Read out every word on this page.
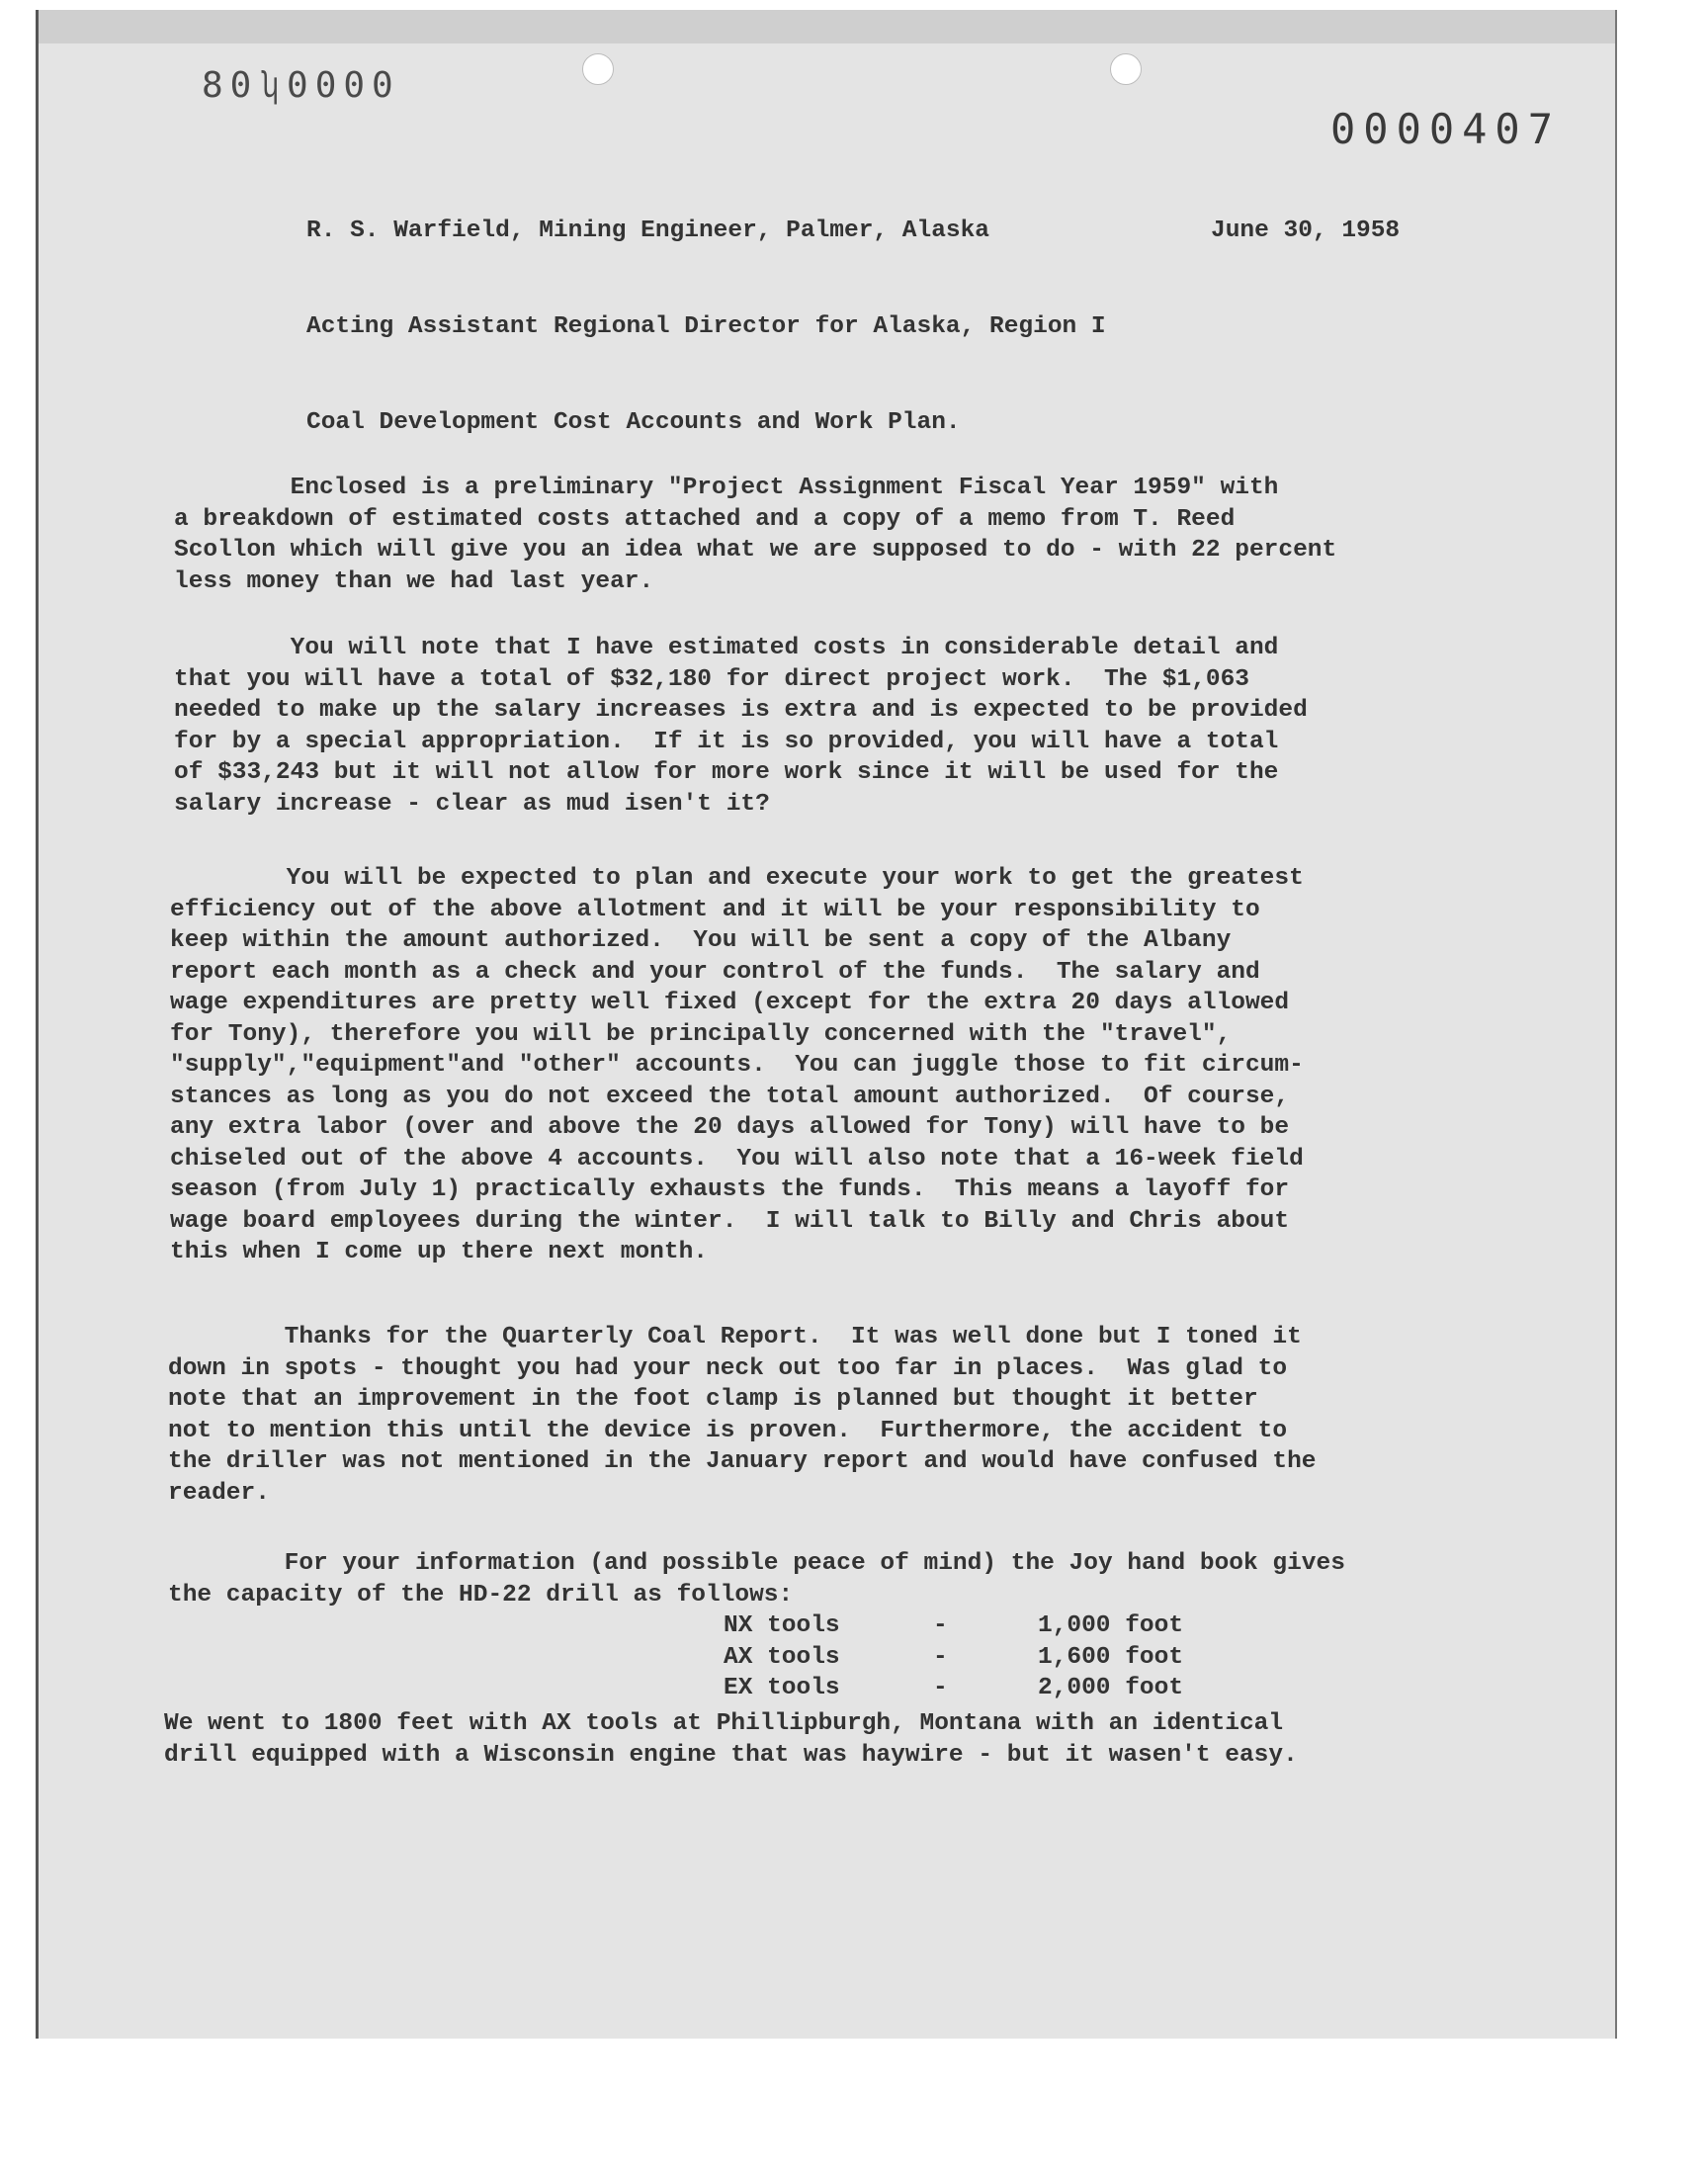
80ʮ0000
0000407
R. S. Warfield, Mining Engineer, Palmer, Alaska	June 30, 1958
Acting Assistant Regional Director for Alaska, Region I
Coal Development Cost Accounts and Work Plan.

Enclosed is a preliminary "Project Assignment Fiscal Year 1959" with

a breakdown of estimated costs attached and a copy of a memo from T. Reed

Scollon which will give you an idea what we are supposed to do - with 22 percent

less money than we had last year.

You will note that I have estimated costs in considerable detail and

that you will have a total of $32,180 for direct project work.  The $1,063

needed to make up the salary increases is extra and is expected to be provided

for by a special appropriation.  If it is so provided, you will have a total

of $33,243 but it will not allow for more work since it will be used for the

salary increase - clear as mud isen't it?

You will be expected to plan and execute your work to get the greatest

efficiency out of the above allotment and it will be your responsibility to

keep within the amount authorized.  You will be sent a copy of the Albany

report each month as a check and your control of the funds.  The salary and

wage expenditures are pretty well fixed (except for the extra 20 days allowed

for Tony), therefore you will be principally concerned with the "travel",

"supply","equipment"and "other" accounts.  You can juggle those to fit circum-

stances as long as you do not exceed the total amount authorized.  Of course,

any extra labor (over and above the 20 days allowed for Tony) will have to be

chiseled out of the above 4 accounts.  You will also note that a 16-week field

season (from July 1) practically exhausts the funds.  This means a layoff for

wage board employees during the winter.  I will talk to Billy and Chris about

this when I come up there next month.

Thanks for the Quarterly Coal Report.  It was well done but I toned it

down in spots - thought you had your neck out too far in places.  Was glad to

note that an improvement in the foot clamp is planned but thought it better

not to mention this until the device is proven.  Furthermore, the accident to

the driller was not mentioned in the January report and would have confused the

reader.

For your information (and possible peace of mind) the Joy hand book gives

the capacity of the HD-22 drill as follows:

NX tools	-	1,000 foot
AX tools	-	1,600 foot
EX tools	-	2,000 foot

We went to 1800 feet with AX tools at Phillipburgh, Montana with an identical

drill equipped with a Wisconsin engine that was haywire - but it wasen't easy.
